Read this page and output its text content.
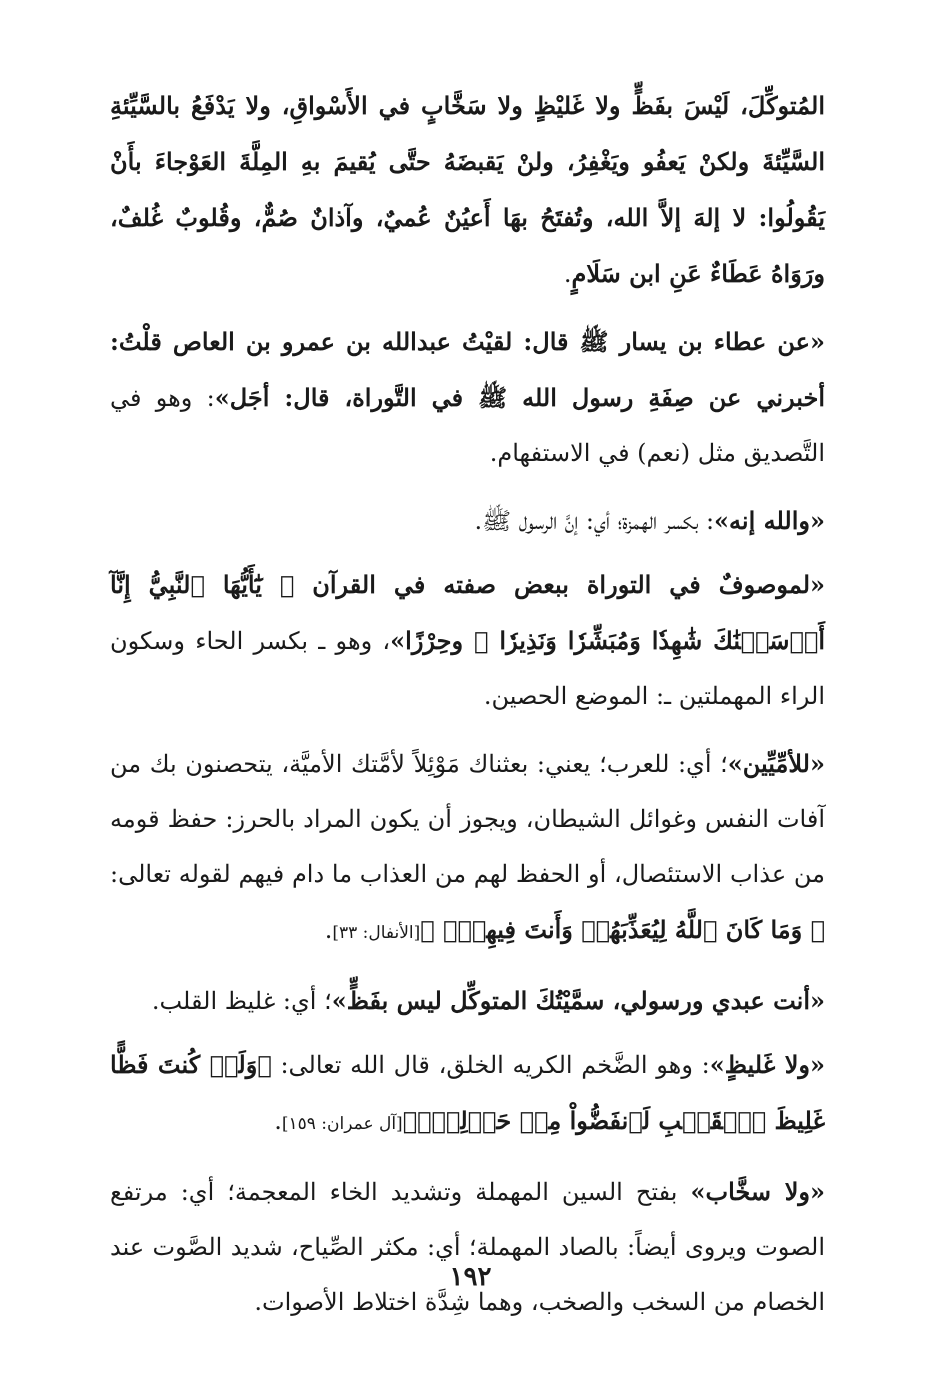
المُتوكِّلَ، لَيْسَ بفَظٍّ ولا غَليْظٍ ولا سَخَّابٍ في الأَسْواقِ، ولا يَدْفَعُ بالسَّيِّئةِ السَّيِّئةَ ولكنْ يَعفُو ويَغْفِرُ، ولنْ يَقبضَهُ حتَّى يُقيمَ بهِ المِلَّةَ العَوْجاءَ بأَنْ يَقُولُوا: لا إلهَ إلاَّ الله، وتُفتَحُ بهَا أَعيُنٌ عُميٌ، وآذانٌ صُمٌّ، وقُلوبٌ غُلفٌ، ورَوَاهُ عَطَاءٌ عَنِ ابن سَلَامٍ.

«عن عطاء بن يسار ﷺ قال: لقيْتُ عبدالله بن عمرو بن العاص قلْتُ: أخبرني عن صِفَةِ رسول الله ﷺ في التَّوراة، قال: أجَل»: وهو في التَّصديق مثل (نعم) في الاستفهام.

«والله إنه»: بكسر الهمزة؛ أي: إنَّ الرسول ﷺ.

«لموصوفٌ في التوراة ببعض صفته في القرآن ﴿ يَٰٓأَيُّهَا ٱلنَّبِيُّ إِنَّآ أَرۡسَلۡنَٰكَ شَٰهِدٗا وَمُبَشِّرٗا وَنَذِيرٗا ﴾ وحِرْزًا»، وهو ـ بكسر الحاء وسكون الراء المهملتين ـ: الموضع الحصين.

«للأمِّيِّين»؛ أي: للعرب؛ يعني: بعثناك مَوْئِلاً لأمَّتك الأميَّة، يتحصنون بك من آفات النفس وغوائل الشيطان، ويجوز أن يكون المراد بالحرز: حفظ قومه من عذاب الاستئصال، أو الحفظ لهم من العذاب ما دام فيهم لقوله تعالى: ﴿ وَمَا كَانَ ٱللَّهُ لِيُعَذِّبَهُمۡ وَأَنتَ فِيهِمۡۚ ﴾[الأنفال: ٣٣].

«أنت عبدي ورسولي، سمَّيْتُكَ المتوكِّل ليس بفَظٍّ»؛ أي: غليظ القلب.

«ولا غَليظٍ»: وهو الضَّخم الكريه الخلق، قال الله تعالى: ﴿وَلَوۡ كُنتَ فَظًّا غَلِيظَ ٱلۡقَلۡبِ لَٱنفَضُّواْ مِنۡ حَوۡلِكَۖ﴾[آل عمران: ١٥٩].

«ولا سخَّاب» بفتح السين المهملة وتشديد الخاء المعجمة؛ أي: مرتفع الصوت ويروى أيضاً: بالصاد المهملة؛ أي: مكثر الصِّياح، شديد الصَّوت عند الخصام من السخب والصخب، وهما شِدَّة اختلاط الأصوات.

١٩٢
